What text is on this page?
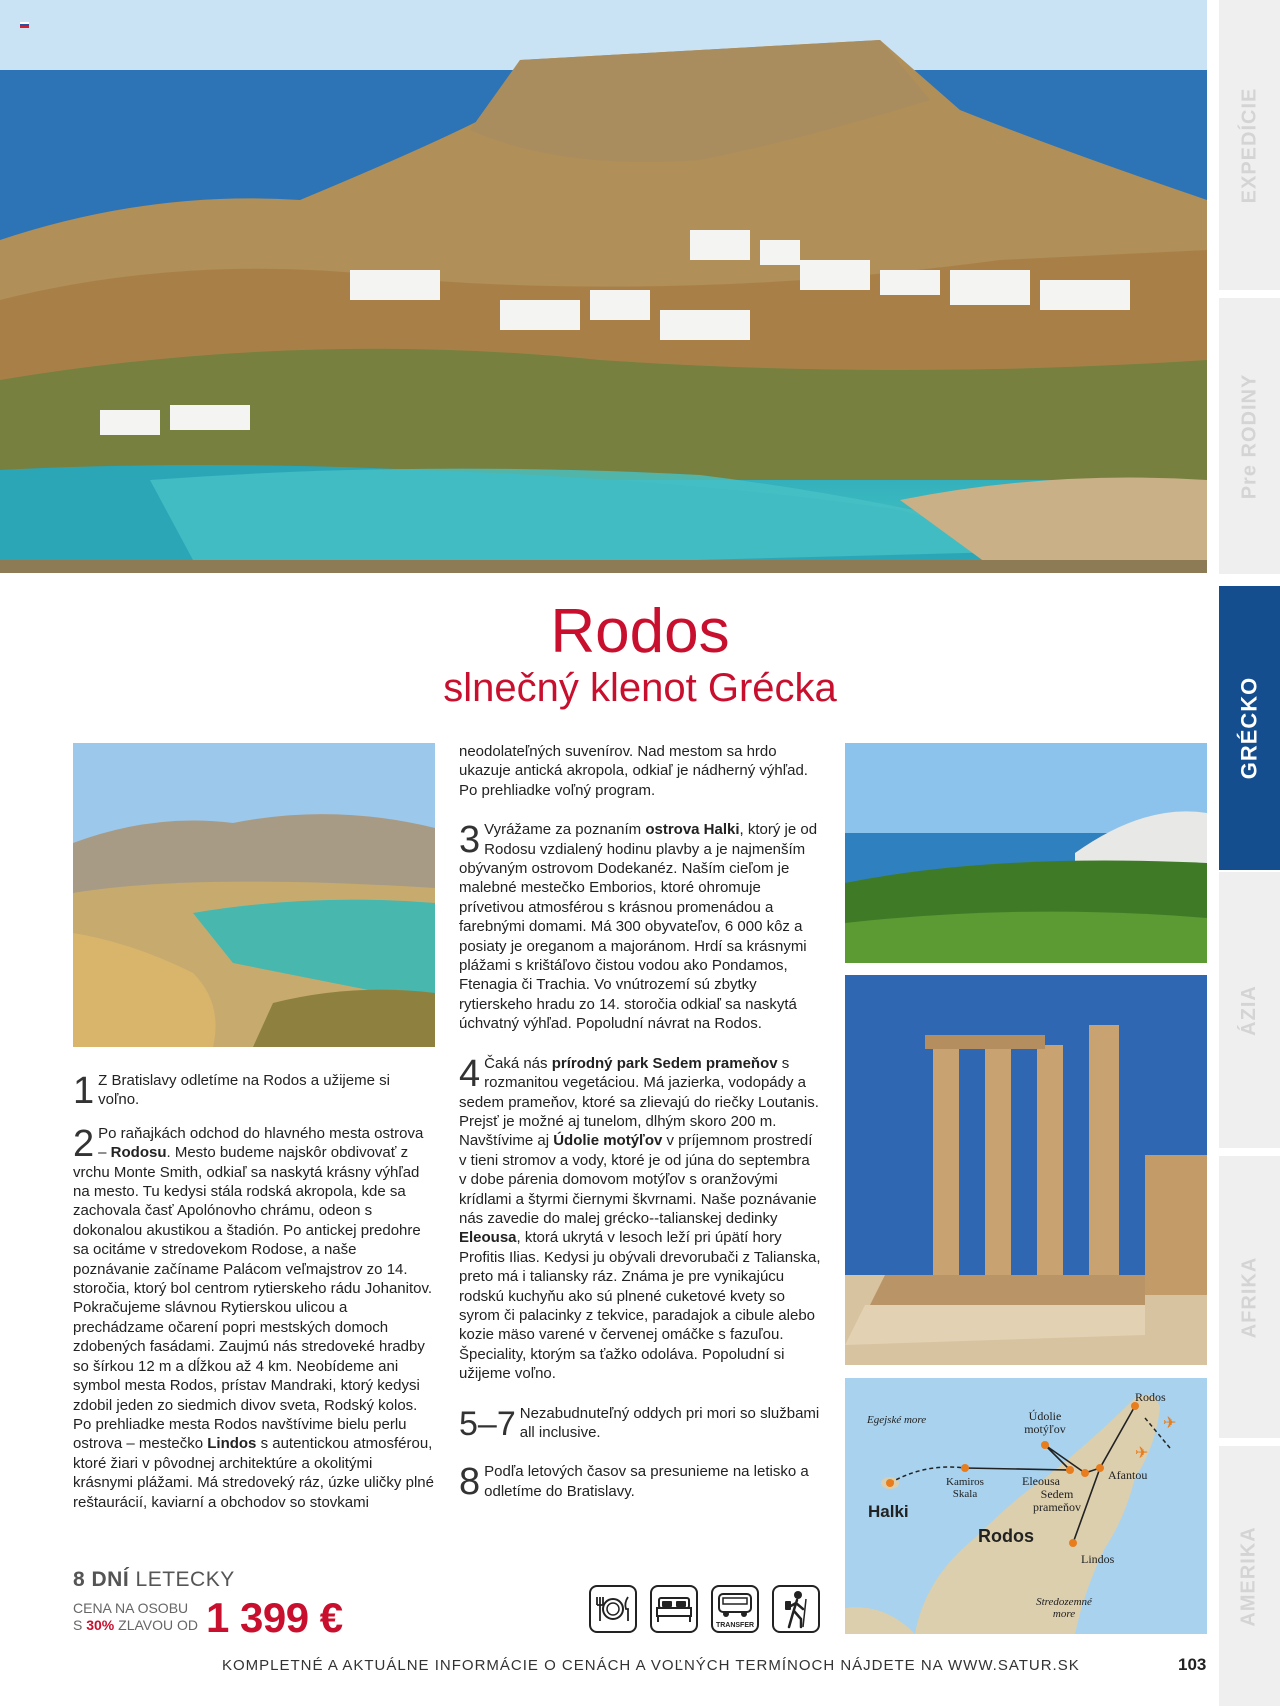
EXPEDÍCIE
Pre RODINY
GRÉCKO
ÁZIA
AFRIKA
AMERIKA
Rodos
slnečný klenot Grécka
✈
✈
Egejské more
Rodos
Údolie motýľov
Kamiros Skala
Eleousa	Afantou
Sedem prameňov
Halki
Rodos
Lindos
Stredozemné more
1 Z Bratislavy odletíme na Rodos a užijeme si voľno.

2 Po raňajkách odchod do hlavného mesta ostrova – Rodosu. Mesto budeme najskôr obdivovať z vrchu Monte Smith, odkiaľ sa naskytá krásny výhľad na mesto. Tu kedysi stála rodská akropola, kde sa zachovala časť Apolónovho chrámu, odeon s dokonalou akustikou a štadión. Po antickej predohre sa ocitáme v stredovekom Rodose, a naše poznávanie začíname Palácom veľmajstrov zo 14. storočia, ktorý bol centrom rytierskeho rádu Johanitov. Pokračujeme slávnou Rytierskou ulicou a prechádzame očarení popri mestských domoch zdobených fasádami. Zaujmú nás stredoveké hradby so šírkou 12 m a dĺžkou až 4 km. Neobídeme ani symbol mesta Rodos, prístav Mandraki, ktorý kedysi zdobil jeden zo siedmich divov sveta, Rodský kolos. Po prehliadke mesta Rodos navštívime bielu perlu ostrova – mestečko Lindos s autentickou atmosférou, ktoré žiari v pôvodnej architektúre a okolitými krásnymi plážami. Má stredoveký ráz, úzke uličky plné reštaurácií, kaviarní a obchodov so stovkami

neodolateľných suvenírov. Nad mestom sa hrdo ukazuje antická akropola, odkiaľ je nádherný výhľad. Po prehliadke voľný program.

3 Vyrážame za poznaním ostrova Halki, ktorý je od Rodosu vzdialený hodinu plavby a je najmenším obývaným ostrovom Dodekanéz. Naším cieľom je malebné mestečko Emborios, ktoré ohromuje prívetivou atmosférou s krásnou promenádou a farebnými domami. Má 300 obyvateľov, 6 000 kôz a posiaty je oreganom a majoránom. Hrdí sa krásnymi plážami s krištáľovo čistou vodou ako Pondamos, Ftenagia či Trachia. Vo vnútrozemí sú zbytky rytierskeho hradu zo 14. storočia odkiaľ sa naskytá úchvatný výhľad. Popoludní návrat na Rodos.

4 Čaká nás prírodný park Sedem prameňov s rozmanitou vegetáciou. Má jazierka, vodopády a sedem prameňov, ktoré sa zlievajú do riečky Loutanis. Prejsť je možné aj tunelom, dlhým skoro 200 m. Navštívime aj Údolie motýľov v príjemnom prostredí v tieni stromov a vody, ktoré je od júna do septembra v dobe párenia domovom motýľov s oranžovými krídlami a štyrmi čiernymi škvrnami. Naše poznávanie nás zavedie do malej grécko--talianskej dedinky Eleousa, ktorá ukrytá v lesoch leží pri úpätí hory Profitis Ilias. Kedysi ju obývali drevorubači z Talianska, preto má i taliansky ráz. Známa je pre vynikajúcu rodskú kuchyňu ako sú plnené cuketové kvety so syrom či palacinky z tekvice, paradajok a cibule alebo kozie mäso varené v červenej omáčke s fazuľou. Špeciality, ktorým sa ťažko odoláva. Popoludní si užijeme voľno.

5–7 Nezabudnuteľný oddych pri mori so službami all inclusive.

8 Podľa letových časov sa presunieme na letisko a odletíme do Bratislavy.

8 DNÍ LETECKY
CENA NA OSOBU
S 30% ZLAVOU OD 1 399 €	TRANSFER
KOMPLETNÉ A AKTUÁLNE INFORMÁCIE O CENÁCH A VOĽNÝCH TERMÍNOCH NÁJDETE NA WWW.SATUR.SK	103
